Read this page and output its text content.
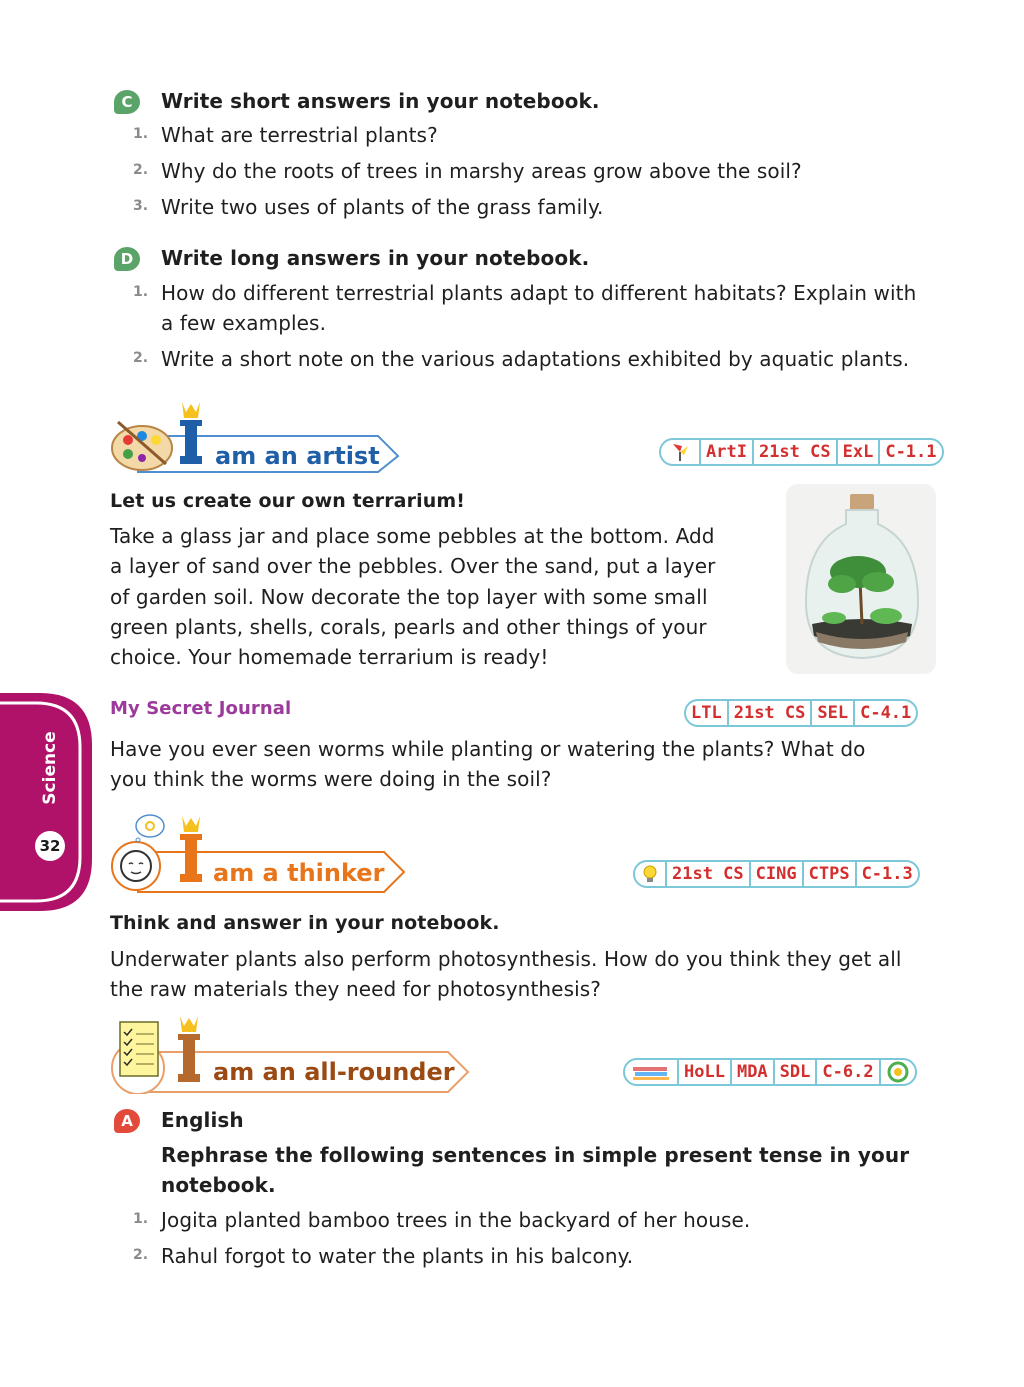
C	Write short answers in your notebook.
1. What are terrestrial plants?
2. Why do the roots of trees in marshy areas grow above the soil?
3. Write two uses of plants of the grass family.
D	Write long answers in your notebook.
1. How do different terrestrial plants adapt to different habitats? Explain with
a few examples.
2. Write a short note on the various adaptations exhibited by aquatic plants.
am an artist	ArtI 21st CS ExL C-1.1
Let us create our own terrarium!
Take a glass jar and place some pebbles at the bottom. Add
a layer of sand over the pebbles. Over the sand, put a layer
of garden soil. Now decorate the top layer with some small
green plants, shells, corals, pearls and other things of your
choice. Your homemade terrarium is ready!
My Secret Journal	LTL 21st CS SEL C-4.1
Have you ever seen worms while planting or watering the plants? What do
you think the worms were doing in the soil?
Science
32
am a thinker	21st CS CING CTPS C-1.3
Think and answer in your notebook.
Underwater plants also perform photosynthesis. How do you think they get all
the raw materials they need for photosynthesis?
am an all-rounder	HoLL MDA SDL C-6.2
A	English
Rephrase the following sentences in simple present tense in your
notebook.
1. Jogita planted bamboo trees in the backyard of her house.
2. Rahul forgot to water the plants in his balcony.
